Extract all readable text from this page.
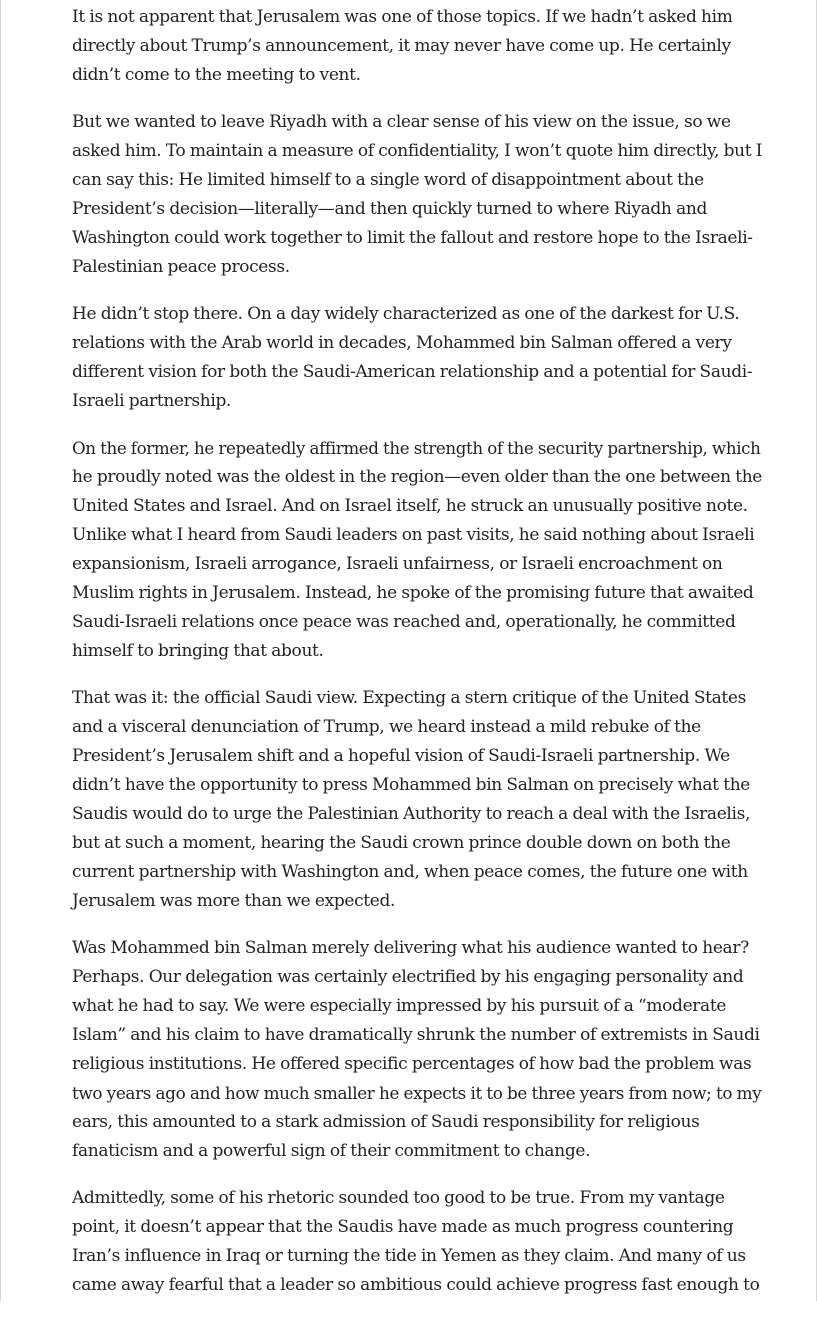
It is not apparent that Jerusalem was one of those topics. If we hadn’t asked him
directly about Trump’s announcement, it may never have come up. He certainly
didn’t come to the meeting to vent.

But we wanted to leave Riyadh with a clear sense of his view on the issue, so we
asked him. To maintain a measure of confidentiality, I won’t quote him directly, but I
can say this: He limited himself to a single word of disappointment about the
President’s decision—literally—and then quickly turned to where Riyadh and
Washington could work together to limit the fallout and restore hope to the Israeli-
Palestinian peace process.

He didn’t stop there. On a day widely characterized as one of the darkest for U.S.
relations with the Arab world in decades, Mohammed bin Salman offered a very
different vision for both the Saudi-American relationship and a potential for Saudi-
Israeli partnership.

On the former, he repeatedly affirmed the strength of the security partnership, which
he proudly noted was the oldest in the region—even older than the one between the
United States and Israel. And on Israel itself, he struck an unusually positive note.
Unlike what I heard from Saudi leaders on past visits, he said nothing about Israeli
expansionism, Israeli arrogance, Israeli unfairness, or Israeli encroachment on
Muslim rights in Jerusalem. Instead, he spoke of the promising future that awaited
Saudi-Israeli relations once peace was reached and, operationally, he committed
himself to bringing that about.

That was it: the official Saudi view. Expecting a stern critique of the United States
and a visceral denunciation of Trump, we heard instead a mild rebuke of the
President’s Jerusalem shift and a hopeful vision of Saudi-Israeli partnership. We
didn’t have the opportunity to press Mohammed bin Salman on precisely what the
Saudis would do to urge the Palestinian Authority to reach a deal with the Israelis,
but at such a moment, hearing the Saudi crown prince double down on both the
current partnership with Washington and, when peace comes, the future one with
Jerusalem was more than we expected.

Was Mohammed bin Salman merely delivering what his audience wanted to hear?
Perhaps. Our delegation was certainly electrified by his engaging personality and
what he had to say. We were especially impressed by his pursuit of a “moderate
Islam” and his claim to have dramatically shrunk the number of extremists in Saudi
religious institutions. He offered specific percentages of how bad the problem was
two years ago and how much smaller he expects it to be three years from now; to my
ears, this amounted to a stark admission of Saudi responsibility for religious
fanaticism and a powerful sign of their commitment to change.

Admittedly, some of his rhetoric sounded too good to be true. From my vantage
point, it doesn’t appear that the Saudis have made as much progress countering
Iran’s influence in Iraq or turning the tide in Yemen as they claim. And many of us
came away fearful that a leader so ambitious could achieve progress fast enough to
